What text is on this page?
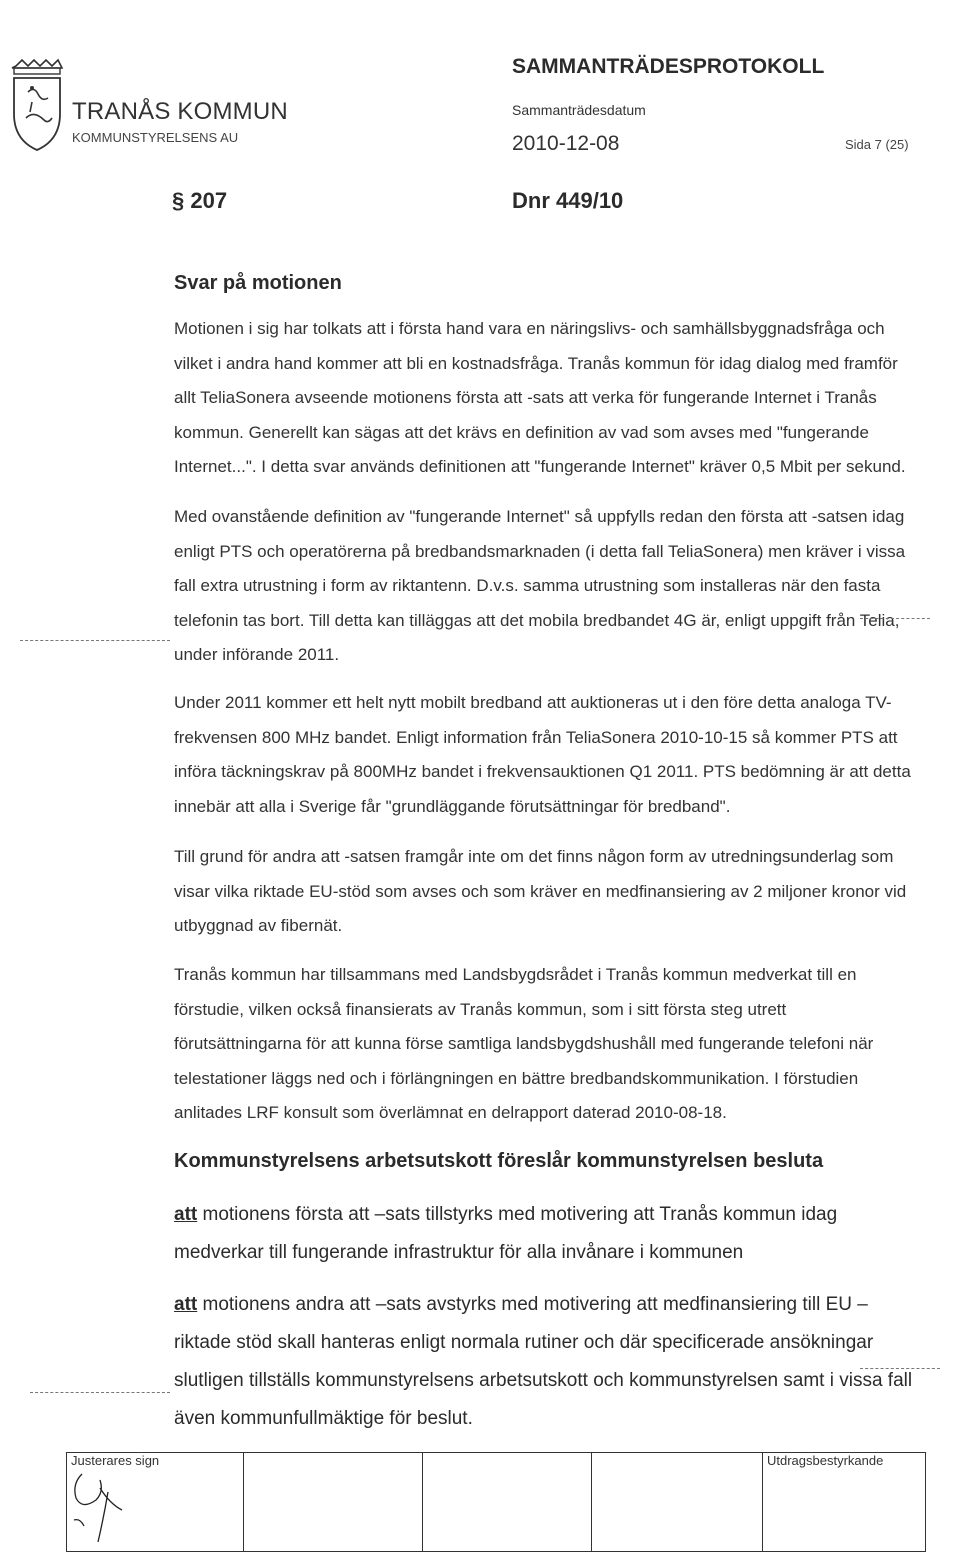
TRANÅS KOMMUN
KOMMUNSTYRELSENS AU
SAMMANTRÄDESPROTOKOLL
Sammanträdesdatum
2010-12-08	Sida 7 (25)
§ 207	Dnr 449/10
Svar på motionen
Motionen i sig har tolkats att i första hand vara en näringslivs- och samhällsbyggnadsfråga och vilket i andra hand kommer att bli en kostnadsfråga. Tranås kommun för idag dialog med framför allt TeliaSonera avseende motionens första att -sats att verka för fungerande Internet i Tranås kommun. Generellt kan sägas att det krävs en definition av vad som avses med "fungerande Internet...". I detta svar används definitionen att "fungerande Internet" kräver 0,5 Mbit per sekund.
Med ovanstående definition av "fungerande Internet" så uppfylls redan den första att -satsen idag enligt PTS och operatörerna på bredbandsmarknaden (i detta fall TeliaSonera) men kräver i vissa fall extra utrustning i form av riktantenn. D.v.s. samma utrustning som installeras när den fasta telefonin tas bort. Till detta kan tilläggas att det mobila bredbandet 4G är, enligt uppgift från Telia, under införande 2011.
Under 2011 kommer ett helt nytt mobilt bredband att auktioneras ut i den före detta analoga TV-frekvensen 800 MHz bandet. Enligt information från TeliaSonera 2010-10-15 så kommer PTS att införa täckningskrav på 800MHz bandet i frekvensauktionen Q1 2011. PTS bedömning är att detta innebär att alla i Sverige får "grundläggande förutsättningar för bredband".
Till grund för andra att -satsen framgår inte om det finns någon form av utredningsunderlag som visar vilka riktade EU-stöd som avses och som kräver en medfinansiering av 2 miljoner kronor vid utbyggnad av fibernät.
Tranås kommun har tillsammans med Landsbygdsrådet i Tranås kommun medverkat till en förstudie, vilken också finansierats av Tranås kommun, som i sitt första steg utrett förutsättningarna för att kunna förse samtliga landsbygdshushåll med fungerande telefoni när telestationer läggs ned och i förlängningen en bättre bredbandskommunikation. I förstudien anlitades LRF konsult som överlämnat en delrapport daterad 2010-08-18.
Kommunstyrelsens arbetsutskott föreslår kommunstyrelsen besluta
att motionens första att –sats tillstyrks med motivering att Tranås kommun idag medverkar till fungerande infrastruktur för alla invånare i kommunen
att motionens andra att –sats avstyrks med motivering att medfinansiering till EU –riktade stöd skall hanteras enligt normala rutiner och där specificerade ansökningar slutligen tillställs kommunstyrelsens arbetsutskott och kommunstyrelsen samt i vissa fall även kommunfullmäktige för beslut.
Justerares sign				Utdragsbestyrkande
